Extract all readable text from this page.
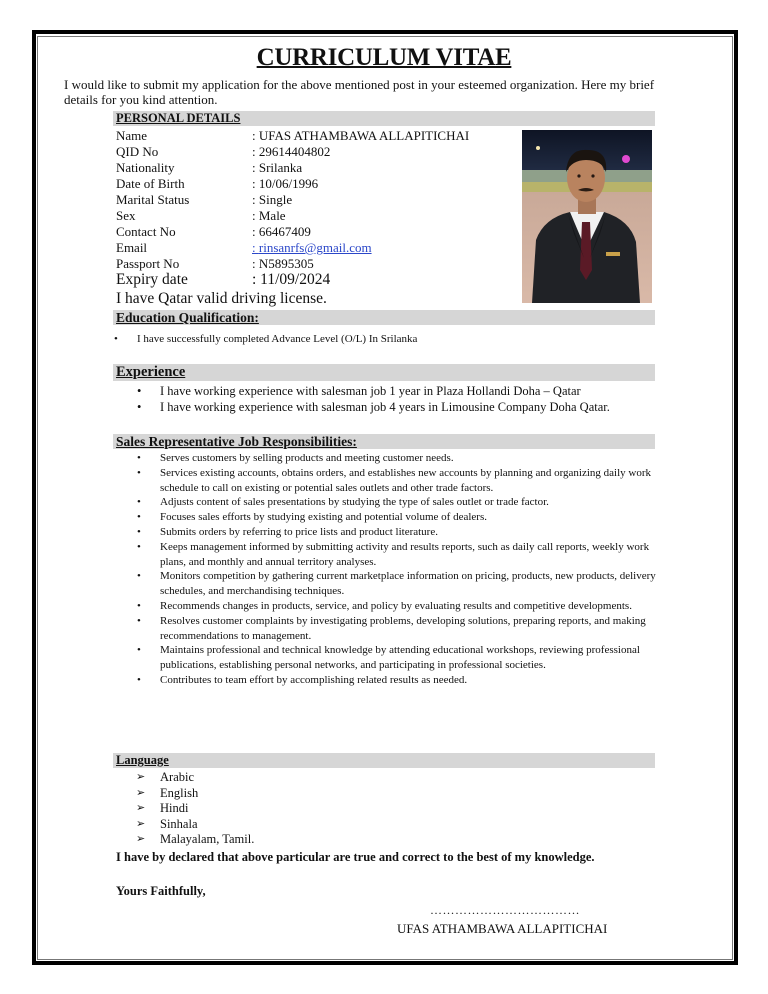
CURRICULUM VITAE
I would like to submit my application for the above mentioned post in your esteemed organization. Here my brief details for you kind attention.
PERSONAL DETAILS
Name	: UFAS ATHAMBAWA ALLAPITICHAI
QID No	: 29614404802
Nationality	: Srilanka
Date of Birth	: 10/06/1996
Marital Status	: Single
Sex	: Male
Contact No	: 66467409
Email	: rinsanrfs@gmail.com
Passport No	: N5895305
Expiry date	: 11/09/2024
I have Qatar valid driving license.
Education Qualification:
• I have successfully completed Advance Level (O/L) In Srilanka
Experience
• I have working experience with salesman job 1 year in Plaza Hollandi Doha – Qatar
• I have working experience with salesman job 4 years in Limousine Company Doha Qatar.
Sales Representative Job Responsibilities:
• Serves customers by selling products and meeting customer needs.
• Services existing accounts, obtains orders, and establishes new accounts by planning and organizing daily work schedule to call on existing or potential sales outlets and other trade factors.
• Adjusts content of sales presentations by studying the type of sales outlet or trade factor.
• Focuses sales efforts by studying existing and potential volume of dealers.
• Submits orders by referring to price lists and product literature.
• Keeps management informed by submitting activity and results reports, such as daily call reports, weekly work plans, and monthly and annual territory analyses.
• Monitors competition by gathering current marketplace information on pricing, products, new products, delivery schedules, and merchandising techniques.
• Recommends changes in products, service, and policy by evaluating results and competitive developments.
• Resolves customer complaints by investigating problems, developing solutions, preparing reports, and making recommendations to management.
• Maintains professional and technical knowledge by attending educational workshops, reviewing professional publications, establishing personal networks, and participating in professional societies.
• Contributes to team effort by accomplishing related results as needed.
Language
➢ Arabic
➢ English
➢ Hindi
➢ Sinhala
➢ Malayalam, Tamil.
I have by declared that above particular are true and correct to the best of my knowledge.
Yours Faithfully,
………………………………
UFAS ATHAMBAWA ALLAPITICHAI
